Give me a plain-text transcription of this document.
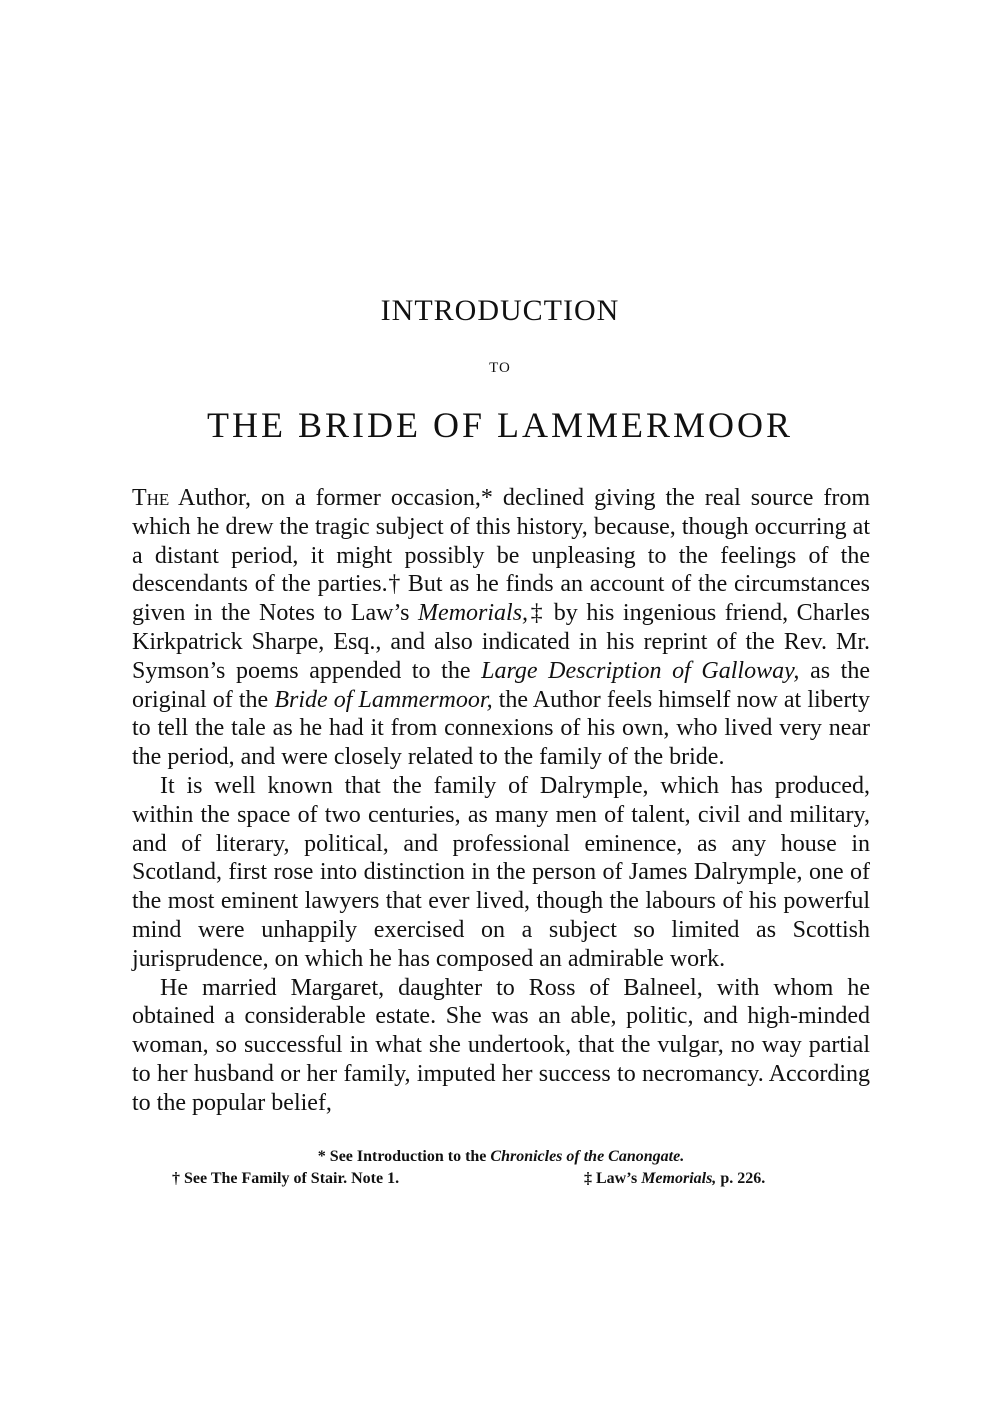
INTRODUCTION
TO
THE BRIDE OF LAMMERMOOR

The Author, on a former occasion,* declined giving the real source from which he drew the tragic subject of this history, because, though occurring at a distant period, it might possibly be unpleasing to the feelings of the descendants of the parties.† But as he finds an account of the circumstances given in the Notes to Law’s Memorials,‡ by his ingenious friend, Charles Kirkpatrick Sharpe, Esq., and also indicated in his reprint of the Rev. Mr. Symson’s poems appended to the Large Description of Galloway, as the original of the Bride of Lammermoor, the Author feels himself now at liberty to tell the tale as he had it from connexions of his own, who lived very near the period, and were closely related to the family of the bride.

It is well known that the family of Dalrymple, which has produced, within the space of two centuries, as many men of talent, civil and military, and of literary, political, and professional eminence, as any house in Scotland, first rose into distinction in the person of James Dalrymple, one of the most eminent lawyers that ever lived, though the labours of his powerful mind were unhappily exercised on a subject so limited as Scottish jurisprudence, on which he has composed an admirable work.

He married Margaret, daughter to Ross of Balneel, with whom he obtained a considerable estate. She was an able, politic, and high-minded woman, so successful in what she undertook, that the vulgar, no way partial to her husband or her family, imputed her success to necromancy. According to the popular belief,

* See Introduction to the Chronicles of the Canongate.
† See The Family of Stair. Note 1.	‡ Law’s Memorials, p. 226.
